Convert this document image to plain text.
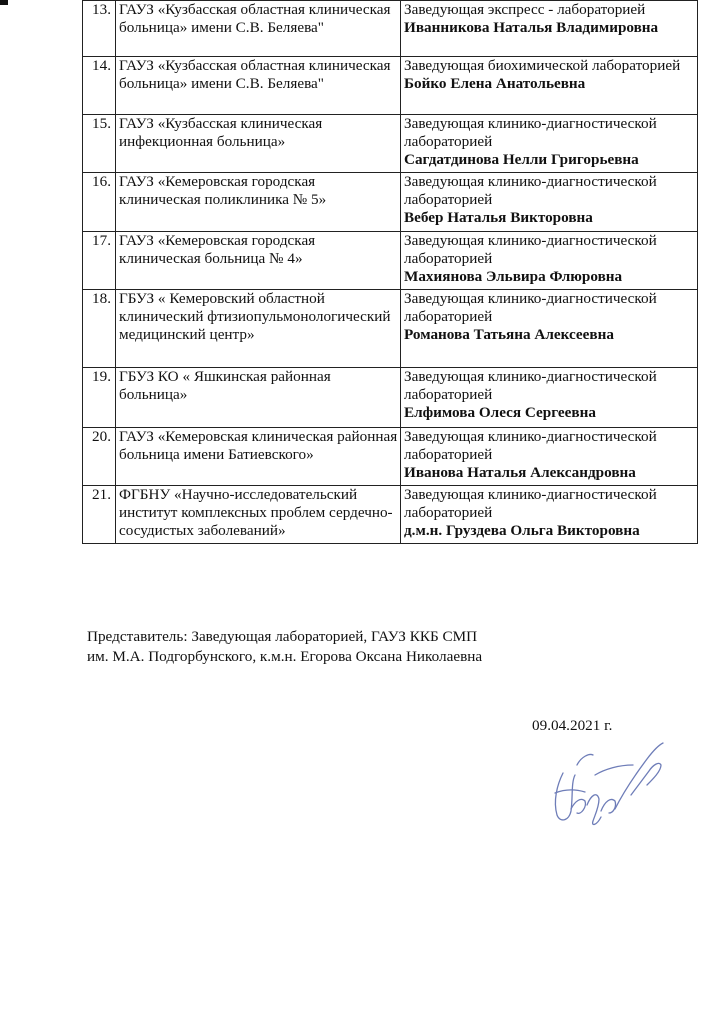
13.	ГАУЗ «Кузбасская областная клиническая больница» имени С.В. Беляева"	Заведующая экспресс - лабораторией
Иванникова Наталья Владимировна

14.	ГАУЗ «Кузбасская областная клиническая больница» имени С.В. Беляева"	Заведующая биохимической лабораторией
Бойко Елена Анатольевна

15.	ГАУЗ «Кузбасская клиническая инфекционная больница»	Заведующая клинико-диагностической лабораторией
Сагдатдинова Нелли Григорьевна

16.	ГАУЗ «Кемеровская городская клиническая поликлиника № 5»	Заведующая клинико-диагностической лабораторией
Вебер Наталья Викторовна

17.	ГАУЗ «Кемеровская городская клиническая больница № 4»	Заведующая клинико-диагностической лабораторией
Махиянова Эльвира Флюровна

18.	ГБУЗ « Кемеровский областной клинический фтизиопульмонологический медицинский центр»	Заведующая клинико-диагностической лабораторией
Романова Татьяна Алексеевна

19.	ГБУЗ КО « Яшкинская районная больница»	Заведующая клинико-диагностической лабораторией
Елфимова Олеся Сергеевна

20.	ГАУЗ «Кемеровская клиническая районная больница имени Батиевского»	Заведующая клинико-диагностической лабораторией
Иванова Наталья Александровна

21.	ФГБНУ «Научно-исследовательский институт комплексных проблем сердечно-сосудистых заболеваний»	Заведующая клинико-диагностической лабораторией
д.м.н. Груздева Ольга Викторовна
Представитель: Заведующая лабораторией, ГАУЗ ККБ СМП
им. М.А. Подгорбунского, к.м.н. Егорова Оксана Николаевна
09.04.2021 г.
